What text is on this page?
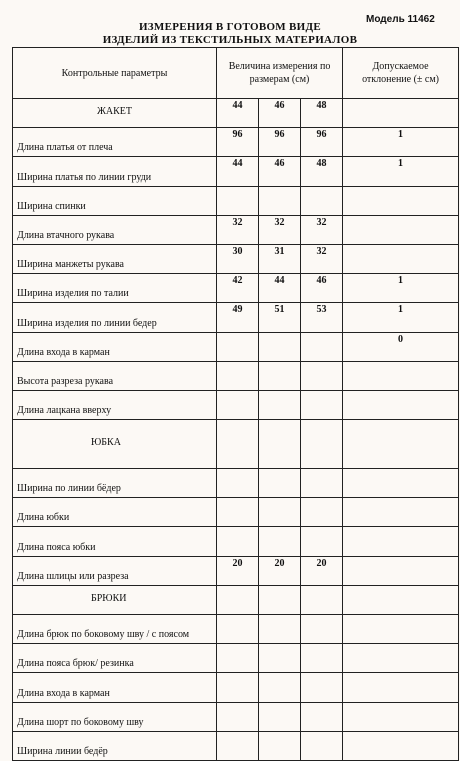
ИЗМЕРЕНИЯ В ГОТОВОМ ВИДЕ
ИЗДЕЛИЙ ИЗ ТЕКСТИЛЬНЫХ МАТЕРИАЛОВ
Модель 11462
Контрольные параметры	Величина измерения по размерам (см)			Допускаемое отклонение (± см)
ЖАКЕТ	44	46	48	
Длина платья от плеча	96	96	96	1
Ширина платья по линии груди	44	46	48	1
Ширина спинки				
Длина втачного рукава	32	32	32	
Ширина манжеты рукава	30	31	32	
Ширина изделия по талии	42	44	46	1
Ширина изделия по линии бедер	49	51	53	1
Длина входа в карман				0
Высота разреза рукава				
Длина лацкана вверху				
ЮБКА				
Ширина по линии бёдер				
Длина юбки				
Длина пояса юбки				
Длина шлицы или разреза	20	20	20	
БРЮКИ				
Длина брюк по боковому шву / с поясом				
Длина пояса брюк/ резинка				
Длина входа в карман				
Длина шорт по боковому шву				
Ширина линии бедёр				
